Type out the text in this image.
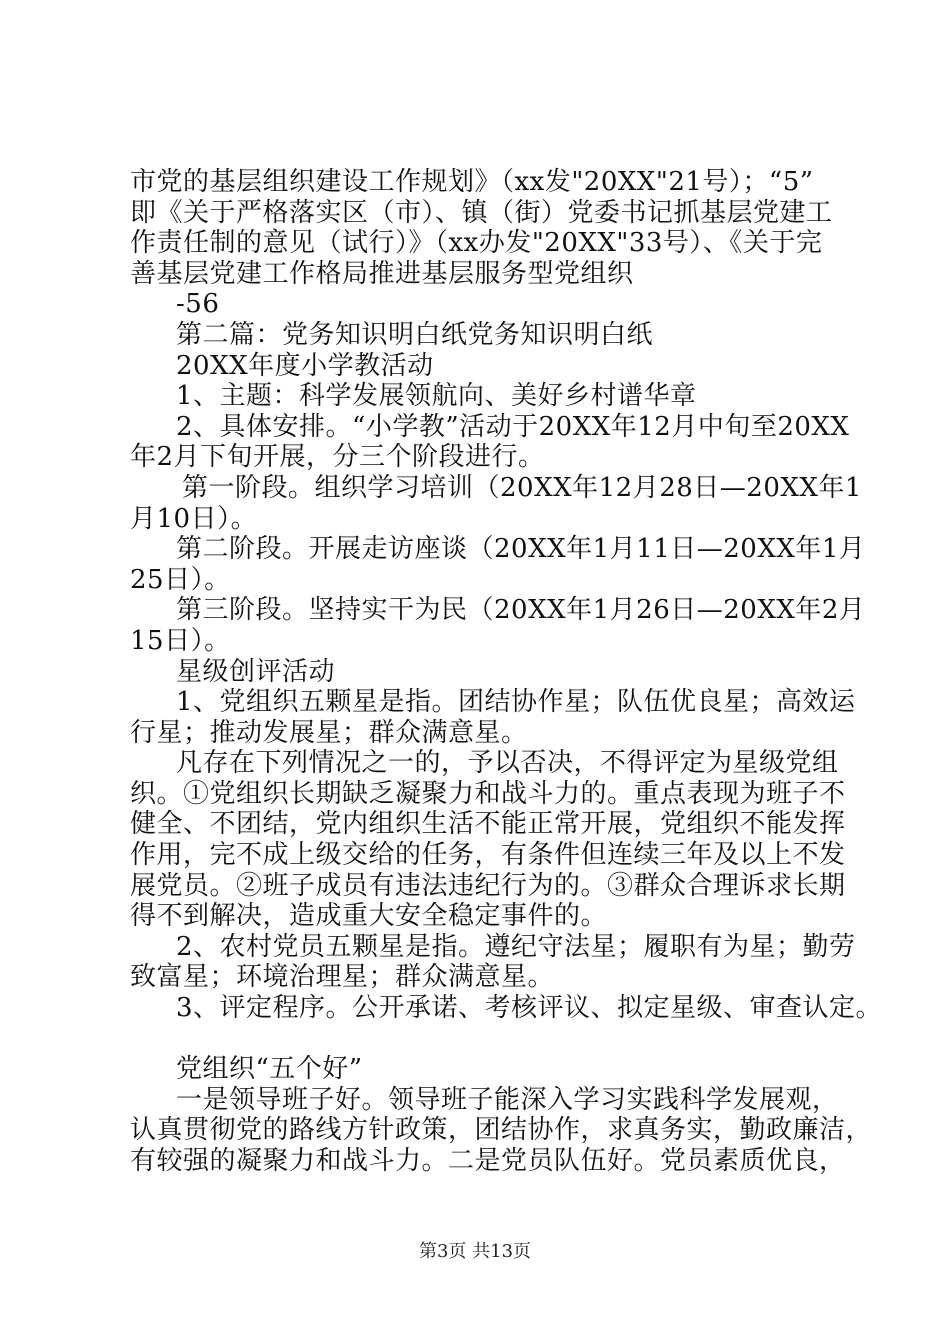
市党的基层组织建设工作规划》（xx发"20XX"21号）；“5”
即《关于严格落实区（市）、镇（街）党委书记抓基层党建工
作责任制的意见（试行）》（xx办发"20XX"33号）、《关于完
善基层党建工作格局推进基层服务型党组织
-56
第二篇：党务知识明白纸党务知识明白纸
20XX年度小学教活动
1、主题：科学发展领航向、美好乡村谱华章
2、具体安排。“小学教”活动于20XX年12月中旬至20XX
年2月下旬开展，分三个阶段进行。
第一阶段。组织学习培训（20XX年12月28日—20XX年1
月10日）。
第二阶段。开展走访座谈（20XX年1月11日—20XX年1月
25日）。
第三阶段。坚持实干为民（20XX年1月26日—20XX年2月
15日）。
星级创评活动
1、党组织五颗星是指。团结协作星；队伍优良星；高效运
行星；推动发展星；群众满意星。
凡存在下列情况之一的，予以否决，不得评定为星级党组
织。①党组织长期缺乏凝聚力和战斗力的。重点表现为班子不
健全、不团结，党内组织生活不能正常开展，党组织不能发挥
作用，完不成上级交给的任务，有条件但连续三年及以上不发
展党员。②班子成员有违法违纪行为的。③群众合理诉求长期
得不到解决，造成重大安全稳定事件的。
2、农村党员五颗星是指。遵纪守法星；履职有为星；勤劳
致富星；环境治理星；群众满意星。
3、评定程序。公开承诺、考核评议、拟定星级、审查认定。
党组织“五个好”
一是领导班子好。领导班子能深入学习实践科学发展观，
认真贯彻党的路线方针政策，团结协作，求真务实，勤政廉洁，
有较强的凝聚力和战斗力。二是党员队伍好。党员素质优良，
第3页 共13页
